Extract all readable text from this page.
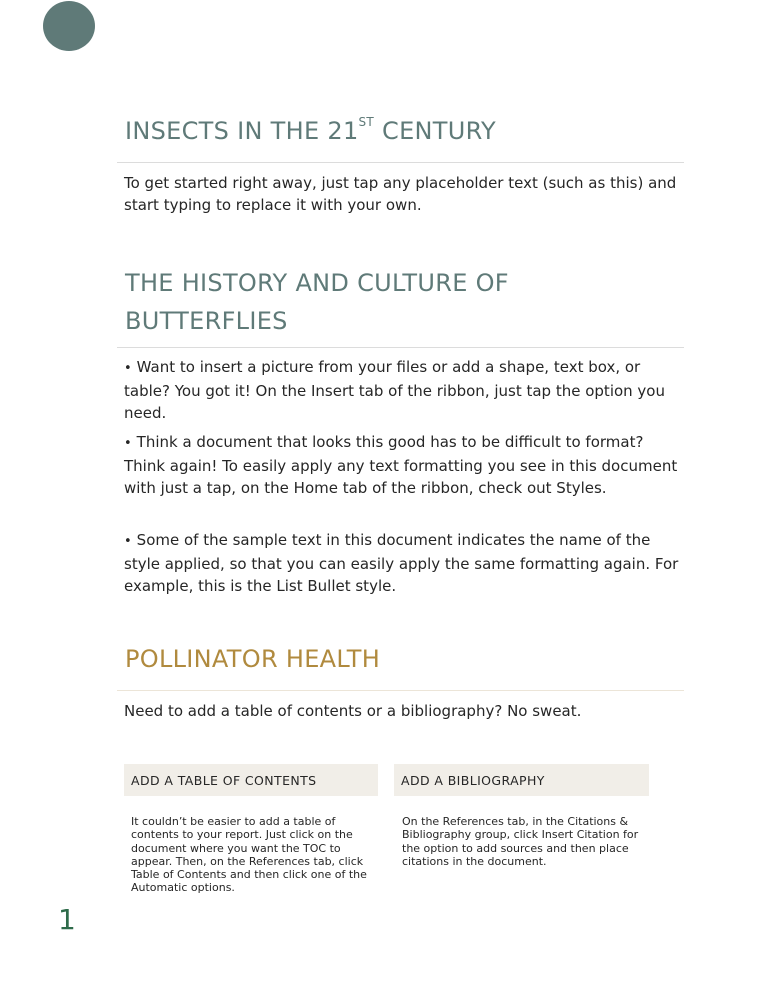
INSECTS IN THE 21ST CENTURY

To get started right away, just tap any placeholder text (such as this) and start typing to replace it with your own.

THE HISTORY AND CULTURE OF BUTTERFLIES

• Want to insert a picture from your files or add a shape, text box, or table? You got it! On the Insert tab of the ribbon, just tap the option you need.

• Think a document that looks this good has to be difficult to format? Think again! To easily apply any text formatting you see in this document with just a tap, on the Home tab of the ribbon, check out Styles.

• Some of the sample text in this document indicates the name of the style applied, so that you can easily apply the same formatting again. For example, this is the List Bullet style.

POLLINATOR HEALTH

Need to add a table of contents or a bibliography? No sweat.

ADD A TABLE OF CONTENTS

It couldn’t be easier to add a table of contents to your report. Just click on the document where you want the TOC to appear. Then, on the References tab, click Table of Contents and then click one of the Automatic options.

ADD A BIBLIOGRAPHY

On the References tab, in the Citations & Bibliography group, click Insert Citation for the option to add sources and then place citations in the document.

1
